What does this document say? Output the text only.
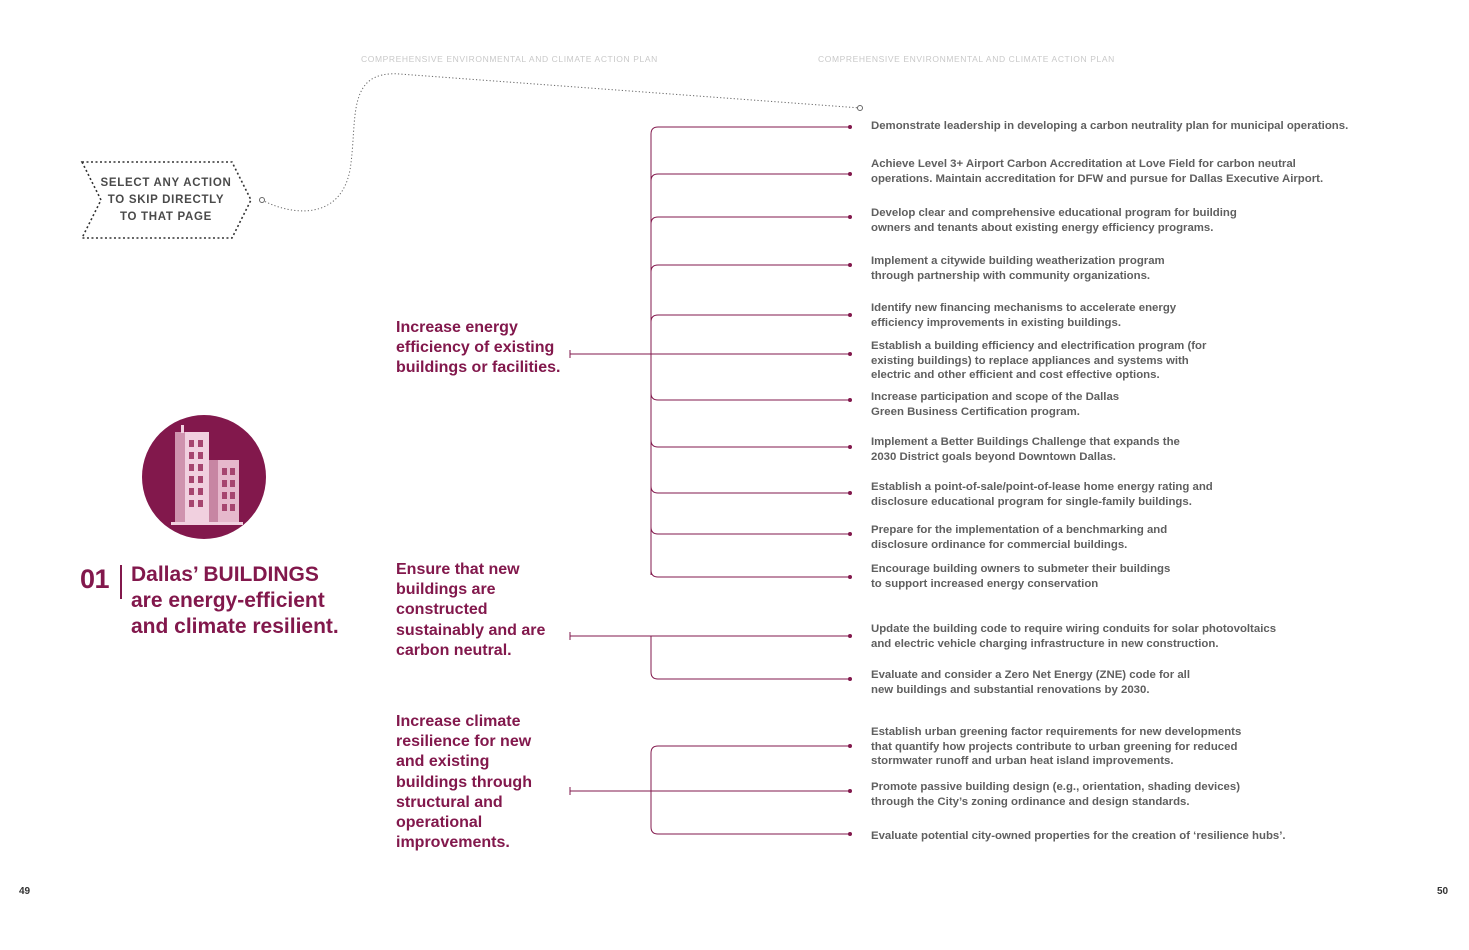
COMPREHENSIVE ENVIRONMENTAL AND CLIMATE ACTION PLAN	COMPREHENSIVE ENVIRONMENTAL AND CLIMATE ACTION PLAN
SELECT ANY ACTION
TO SKIP DIRECTLY
TO THAT PAGE
01 Dallas’ BUILDINGS are energy-efficient and climate resilient.
Increase energy efficiency of existing buildings or facilities.
Ensure that new buildings are constructed sustainably and are carbon neutral.
Increase climate resilience for new and existing buildings through structural and operational improvements.
Demonstrate leadership in developing a carbon neutrality plan for municipal operations.
Achieve Level 3+ Airport Carbon Accreditation at Love Field for carbon neutral
operations. Maintain accreditation for DFW and pursue for Dallas Executive Airport.
Develop clear and comprehensive educational program for building
owners and tenants about existing energy efficiency programs.
Implement a citywide building weatherization program
through partnership with community organizations.
Identify new financing mechanisms to accelerate energy
efficiency improvements in existing buildings.
Establish a building efficiency and electrification program (for
existing buildings) to replace appliances and systems with
electric and other efficient and cost effective options.
Increase participation and scope of the Dallas
Green Business Certification program.
Implement a Better Buildings Challenge that expands the
2030 District goals beyond Downtown Dallas.
Establish a point-of-sale/point-of-lease home energy rating and
disclosure educational program for single-family buildings.
Prepare for the implementation of a benchmarking and
disclosure ordinance for commercial buildings.
Encourage building owners to submeter their buildings
to support increased energy conservation
Update the building code to require wiring conduits for solar photovoltaics
and electric vehicle charging infrastructure in new construction.
Evaluate and consider a Zero Net Energy (ZNE) code for all
new buildings and substantial renovations by 2030.
Establish urban greening factor requirements for new developments
that quantify how projects contribute to urban greening for reduced
stormwater runoff and urban heat island improvements.
Promote passive building design (e.g., orientation, shading devices)
through the City’s zoning ordinance and design standards.
Evaluate potential city-owned properties for the creation of ‘resilience hubs’.
49	50
